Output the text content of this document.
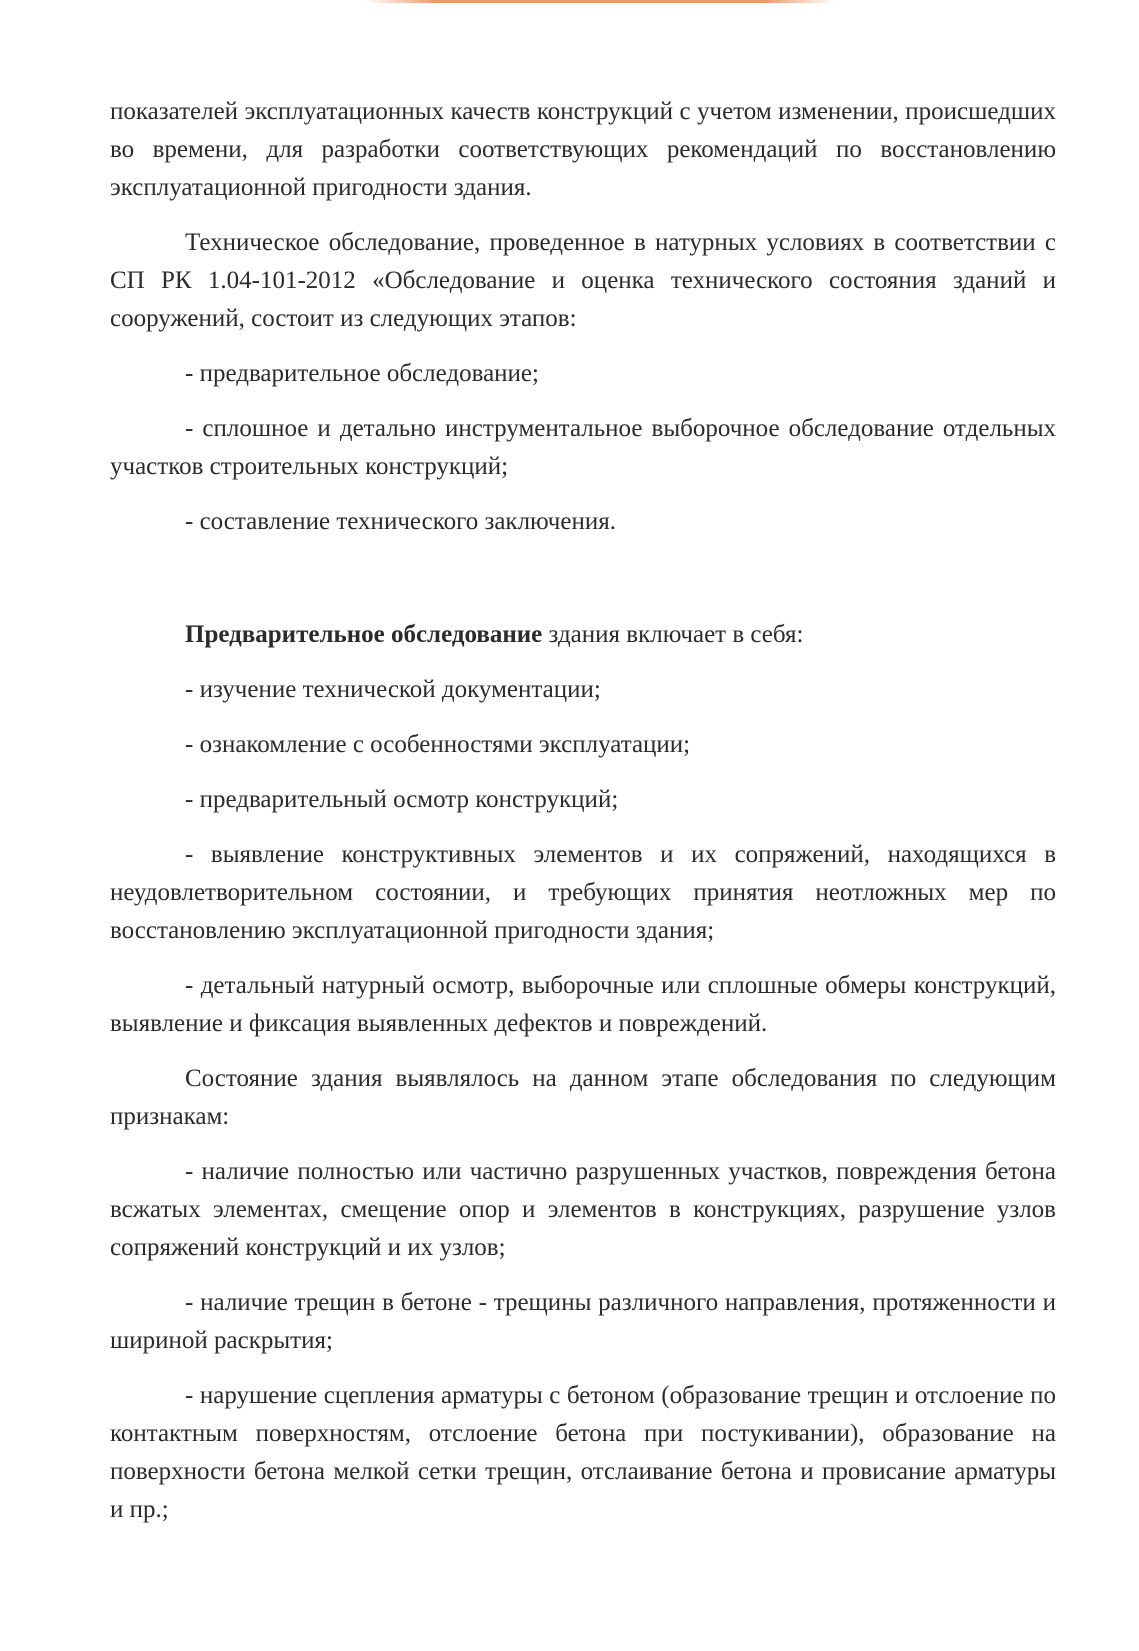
показателей эксплуатационных качеств конструкций с учетом изменении, происшедших во времени, для разработки соответствующих рекомендаций по восстановлению эксплуатационной пригодности здания.

Техническое обследование, проведенное в натурных условиях в соответствии с СП РК 1.04-101-2012 «Обследование и оценка технического состояния зданий и сооружений, состоит из следующих этапов:

- предварительное обследование;

- сплошное и детально инструментальное выборочное обследование отдельных участков строительных конструкций;

- составление технического заключения.

Предварительное обследование здания включает в себя:

- изучение технической документации;

- ознакомление с особенностями эксплуатации;

- предварительный осмотр конструкций;

- выявление конструктивных элементов и их сопряжений, находящихся в неудовлетворительном состоянии, и требующих принятия неотложных мер по восстановлению эксплуатационной пригодности здания;

- детальный натурный осмотр, выборочные или сплошные обмеры конструкций, выявление и фиксация выявленных дефектов и повреждений.

Состояние здания выявлялось на данном этапе обследования по следующим признакам:

- наличие полностью или частично разрушенных участков, повреждения бетона всжатых элементах, смещение опор и элементов в конструкциях, разрушение узлов сопряжений конструкций и их узлов;

- наличие трещин в бетоне - трещины различного направления, протяженности и шириной раскрытия;

- нарушение сцепления арматуры с бетоном (образование трещин и отслоение по контактным поверхностям, отслоение бетона при постукивании), образование на поверхности бетона мелкой сетки трещин, отслаивание бетона и провисание арматуры и пр.;
